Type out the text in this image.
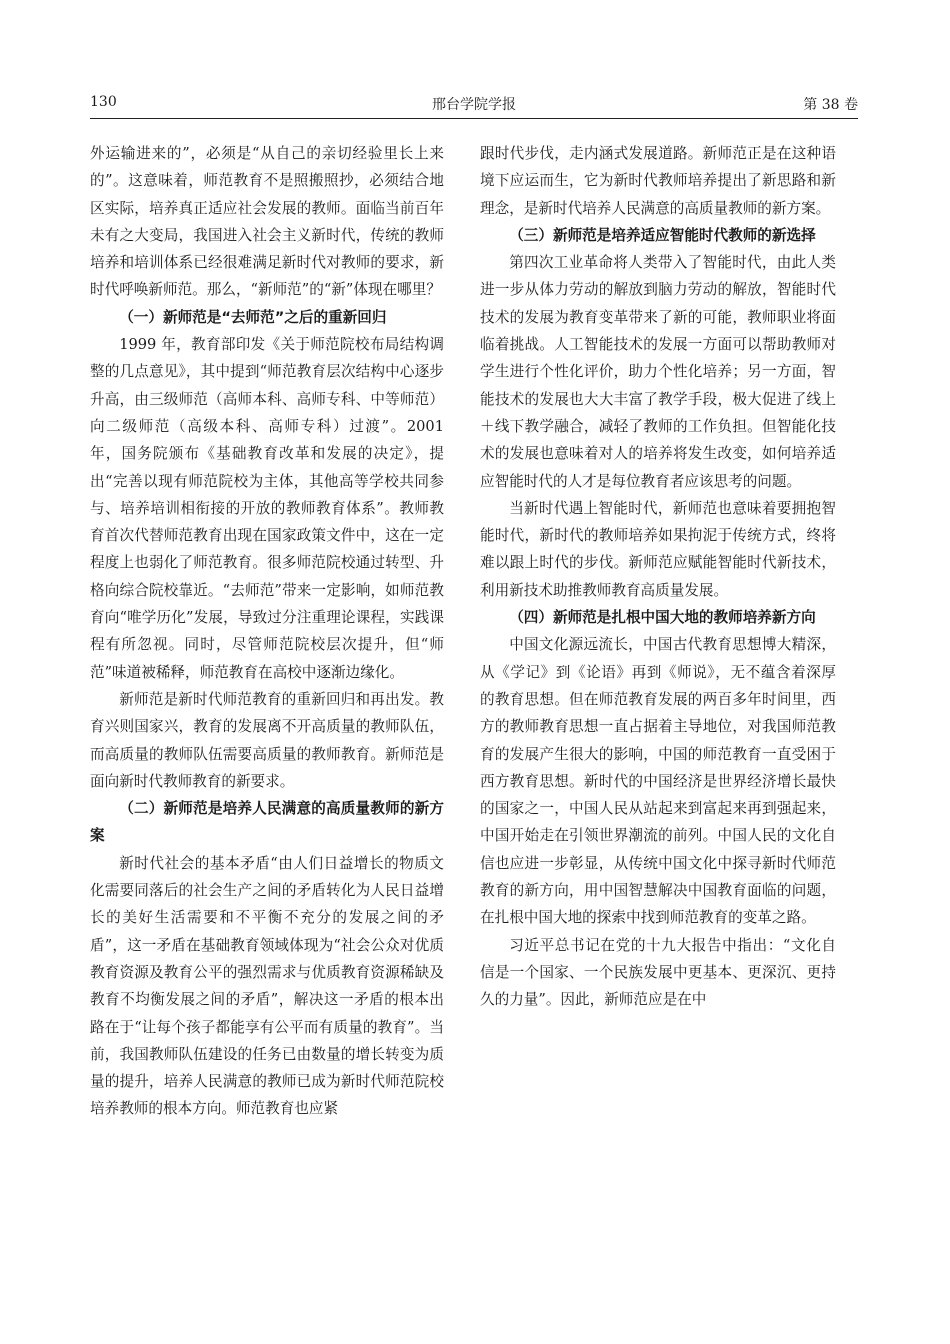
130	邢台学院学报	第 38 卷

外运输进来的”，必须是“从自己的亲切经验里长上来的”。这意味着，师范教育不是照搬照抄，必须结合地区实际，培养真正适应社会发展的教师。面临当前百年未有之大变局，我国进入社会主义新时代，传统的教师培养和培训体系已经很难满足新时代对教师的要求，新时代呼唤新师范。那么，“新师范”的“新”体现在哪里？

（一）新师范是“去师范”之后的重新回归

1999 年，教育部印发《关于师范院校布局结构调整的几点意见》，其中提到“师范教育层次结构中心逐步升高，由三级师范（高师本科、高师专科、中等师范）向二级师范（高级本科、高师专科）过渡”。2001 年，国务院颁布《基础教育改革和发展的决定》，提出“完善以现有师范院校为主体，其他高等学校共同参与、培养培训相衔接的开放的教师教育体系”。教师教育首次代替师范教育出现在国家政策文件中，这在一定程度上也弱化了师范教育。很多师范院校通过转型、升格向综合院校靠近。“去师范”带来一定影响，如师范教育向“唯学历化”发展，导致过分注重理论课程，实践课程有所忽视。同时，尽管师范院校层次提升，但“师范”味道被稀释，师范教育在高校中逐渐边缘化。

新师范是新时代师范教育的重新回归和再出发。教育兴则国家兴，教育的发展离不开高质量的教师队伍，而高质量的教师队伍需要高质量的教师教育。新师范是面向新时代教师教育的新要求。

（二）新师范是培养人民满意的高质量教师的新方案

新时代社会的基本矛盾“由人们日益增长的物质文化需要同落后的社会生产之间的矛盾转化为人民日益增长的美好生活需要和不平衡不充分的发展之间的矛盾”，这一矛盾在基础教育领域体现为“社会公众对优质教育资源及教育公平的强烈需求与优质教育资源稀缺及教育不均衡发展之间的矛盾”，解决这一矛盾的根本出路在于“让每个孩子都能享有公平而有质量的教育”。当前，我国教师队伍建设的任务已由数量的增长转变为质量的提升，培养人民满意的教师已成为新时代师范院校培养教师的根本方向。师范教育也应紧

跟时代步伐，走内涵式发展道路。新师范正是在这种语境下应运而生，它为新时代教师培养提出了新思路和新理念，是新时代培养人民满意的高质量教师的新方案。

（三）新师范是培养适应智能时代教师的新选择

第四次工业革命将人类带入了智能时代，由此人类进一步从体力劳动的解放到脑力劳动的解放，智能时代技术的发展为教育变革带来了新的可能，教师职业将面临着挑战。人工智能技术的发展一方面可以帮助教师对学生进行个性化评价，助力个性化培养；另一方面，智能技术的发展也大大丰富了教学手段，极大促进了线上＋线下教学融合，减轻了教师的工作负担。但智能化技术的发展也意味着对人的培养将发生改变，如何培养适应智能时代的人才是每位教育者应该思考的问题。

当新时代遇上智能时代，新师范也意味着要拥抱智能时代，新时代的教师培养如果拘泥于传统方式，终将难以跟上时代的步伐。新师范应赋能智能时代新技术，利用新技术助推教师教育高质量发展。

（四）新师范是扎根中国大地的教师培养新方向

中国文化源远流长，中国古代教育思想博大精深，从《学记》到《论语》再到《师说》，无不蕴含着深厚的教育思想。但在师范教育发展的两百多年时间里，西方的教师教育思想一直占据着主导地位，对我国师范教育的发展产生很大的影响，中国的师范教育一直受困于西方教育思想。新时代的中国经济是世界经济增长最快的国家之一，中国人民从站起来到富起来再到强起来，中国开始走在引领世界潮流的前列。中国人民的文化自信也应进一步彰显，从传统中国文化中探寻新时代师范教育的新方向，用中国智慧解决中国教育面临的问题，在扎根中国大地的探索中找到师范教育的变革之路。

习近平总书记在党的十九大报告中指出：“文化自信是一个国家、一个民族发展中更基本、更深沉、更持久的力量”。因此，新师范应是在中
